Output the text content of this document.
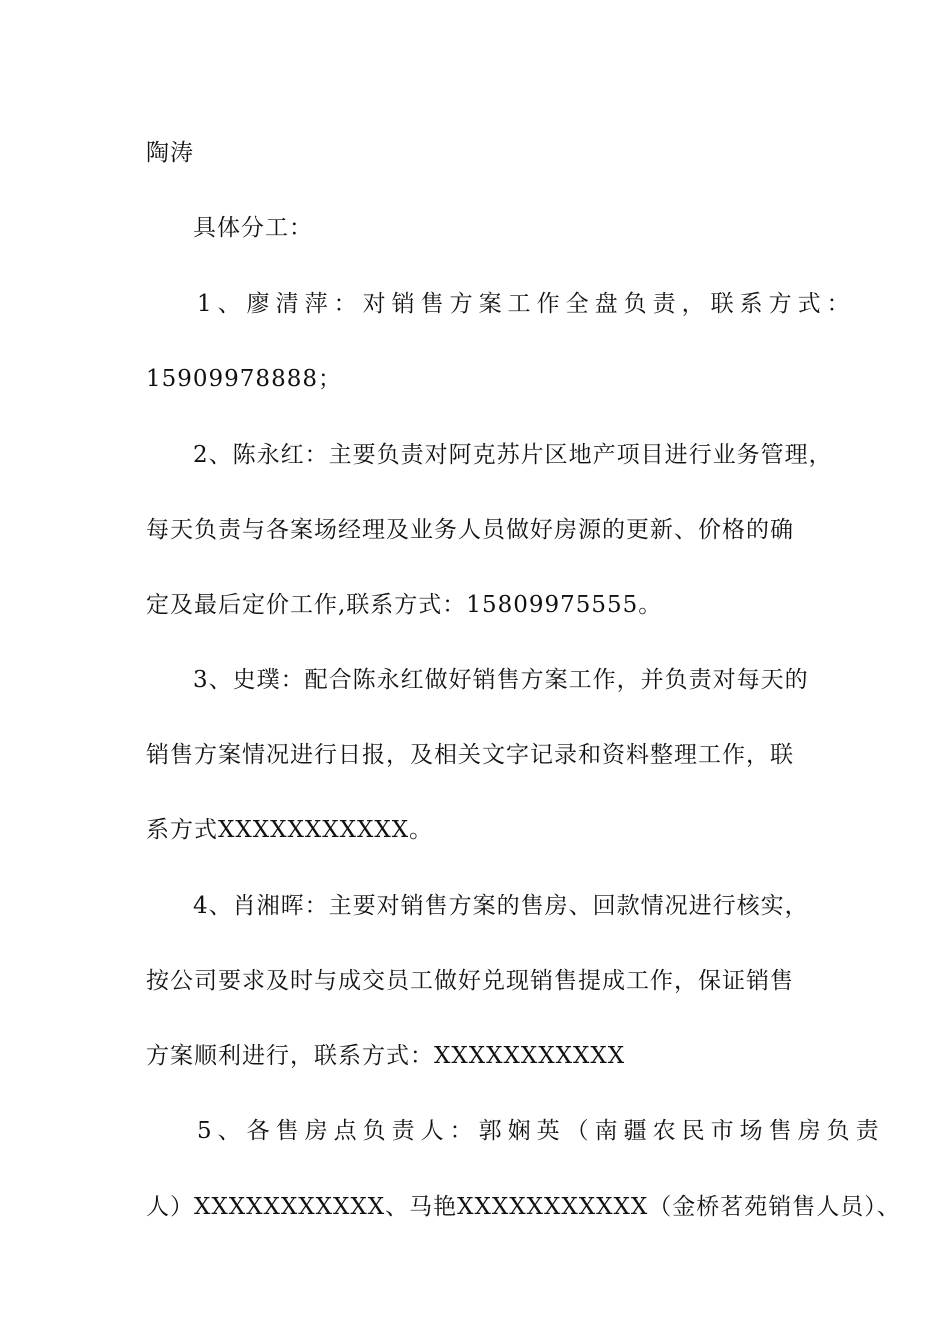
陶涛
具体分工：
1、廖清萍：对销售方案工作全盘负责，联系方式：
15909978888；
2、陈永红：主要负责对阿克苏片区地产项目进行业务管理，
每天负责与各案场经理及业务人员做好房源的更新、价格的确
定及最后定价工作,联系方式：15809975555。
3、史璞：配合陈永红做好销售方案工作，并负责对每天的
销售方案情况进行日报，及相关文字记录和资料整理工作，联
系方式XXXXXXXXXXX。
4、肖湘晖：主要对销售方案的售房、回款情况进行核实，
按公司要求及时与成交员工做好兑现销售提成工作，保证销售
方案顺利进行，联系方式：XXXXXXXXXXX
5、各售房点负责人：郭娴英（南疆农民市场售房负责
人）XXXXXXXXXXX、马艳XXXXXXXXXXX（金桥茗苑销售人员）、
